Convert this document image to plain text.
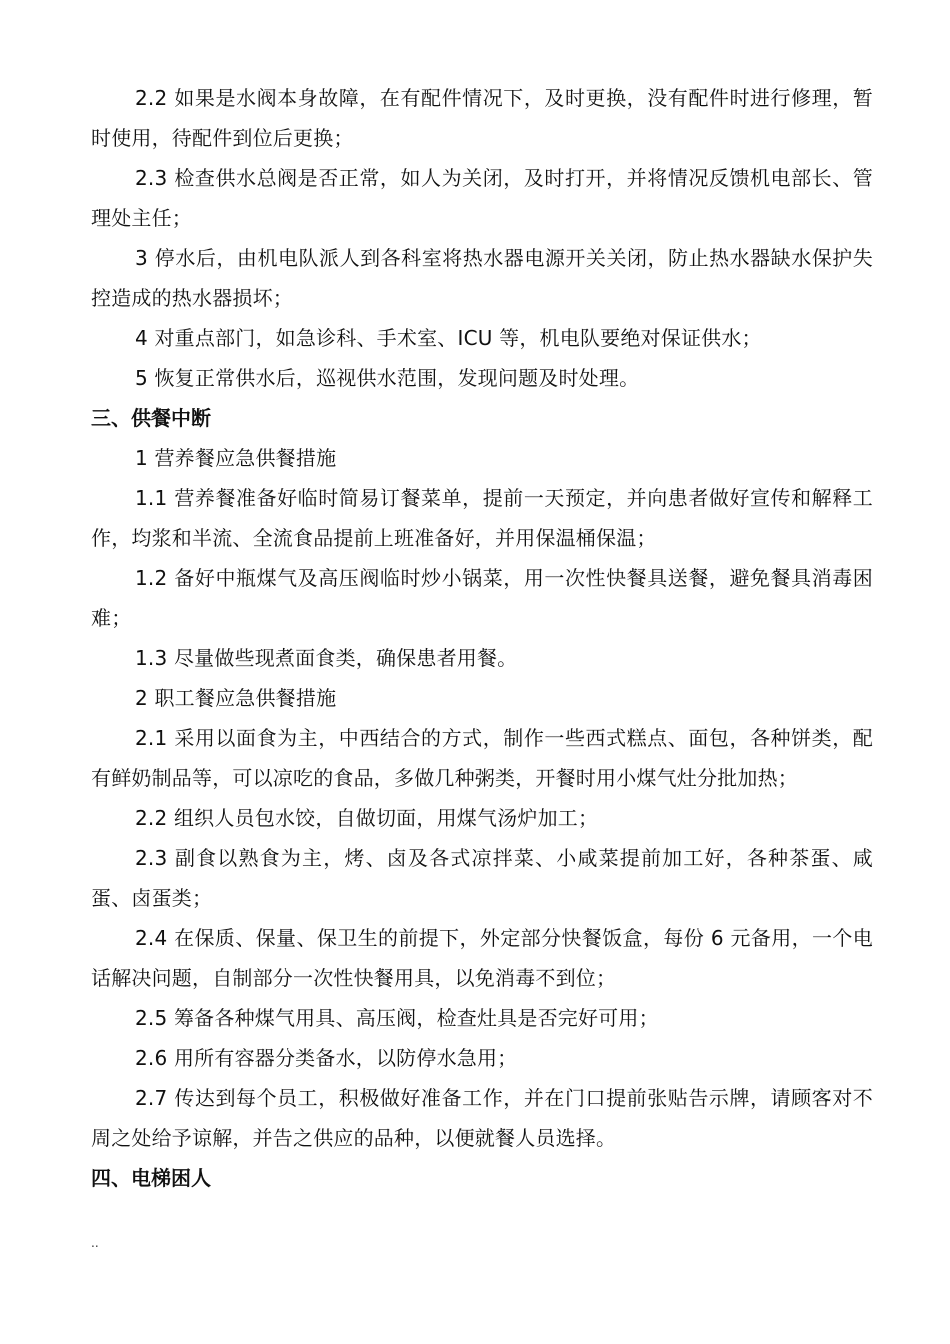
2.2 如果是水阀本身故障，在有配件情况下，及时更换，没有配件时进行修理，暂时使用，待配件到位后更换；

2.3 检查供水总阀是否正常，如人为关闭，及时打开，并将情况反馈机电部长、管理处主任；

3 停水后，由机电队派人到各科室将热水器电源开关关闭，防止热水器缺水保护失控造成的热水器损坏；

4 对重点部门，如急诊科、手术室、ICU 等，机电队要绝对保证供水；

5 恢复正常供水后，巡视供水范围，发现问题及时处理。

三、供餐中断

1 营养餐应急供餐措施

1.1 营养餐准备好临时简易订餐菜单，提前一天预定，并向患者做好宣传和解释工作，均浆和半流、全流食品提前上班准备好，并用保温桶保温；

1.2 备好中瓶煤气及高压阀临时炒小锅菜，用一次性快餐具送餐，避免餐具消毒困难；

1.3 尽量做些现煮面食类，确保患者用餐。

2 职工餐应急供餐措施

2.1 采用以面食为主，中西结合的方式，制作一些西式糕点、面包，各种饼类，配有鲜奶制品等，可以凉吃的食品，多做几种粥类，开餐时用小煤气灶分批加热；

2.2 组织人员包水饺，自做切面，用煤气汤炉加工；

2.3 副食以熟食为主，烤、卤及各式凉拌菜、小咸菜提前加工好，各种茶蛋、咸蛋、卤蛋类；

2.4 在保质、保量、保卫生的前提下，外定部分快餐饭盒，每份 6 元备用，一个电话解决问题，自制部分一次性快餐用具，以免消毒不到位；

2.5 筹备各种煤气用具、高压阀，检查灶具是否完好可用；

2.6 用所有容器分类备水，以防停水急用；

2.7 传达到每个员工，积极做好准备工作，并在门口提前张贴告示牌，请顾客对不周之处给予谅解，并告之供应的品种，以便就餐人员选择。

四、电梯困人

..
